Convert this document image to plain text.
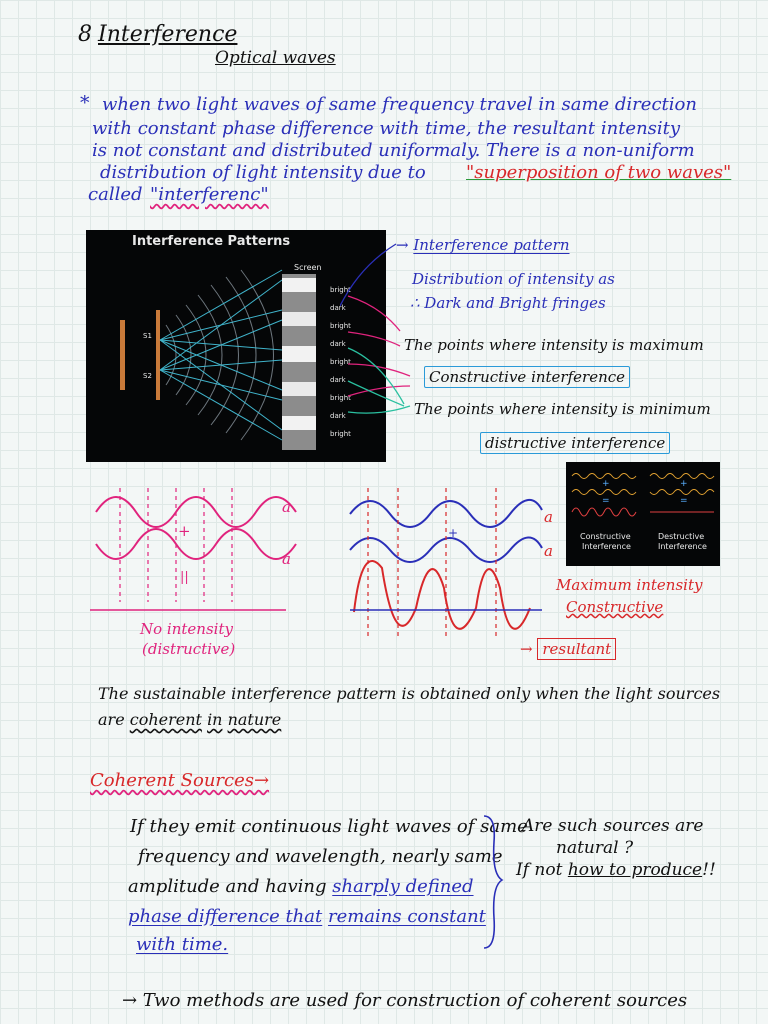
8 Interference
Optical waves
* when two light waves of same frequency travel in same direction
with constant phase difference with time, the resultant intensity
is not constant and distributed uniformaly. There is a non-uniform
distribution of light intensity due to "superposition of two waves"
called "interferenc"
Interference Patterns
Screen
S1
S2
bright
dark
bright
dark
bright
dark
bright
dark
bright
→ Interference pattern
Distribution of intensity as
∴ Dark and Bright fringes
The points where intensity is maximum
Constructive interference
The points where intensity is minimum
distructive interference
a
a
+
||
No intensity
(distructive)
a
a
+
Maximum intensity
Constructive
→ resultant
+	+
=	=
Constructive
Interference
Destructive
Interference
The sustainable interference pattern is obtained only when the light sources
are coherent in nature
Coherent Sources→
If they emit continuous light waves of same
frequency and wavelength, nearly same
amplitude and having sharply defined
phase difference that remains constant
with time.
Are such sources are
natural ?
If not how to produce!!
→ Two methods are used for construction of coherent sources
